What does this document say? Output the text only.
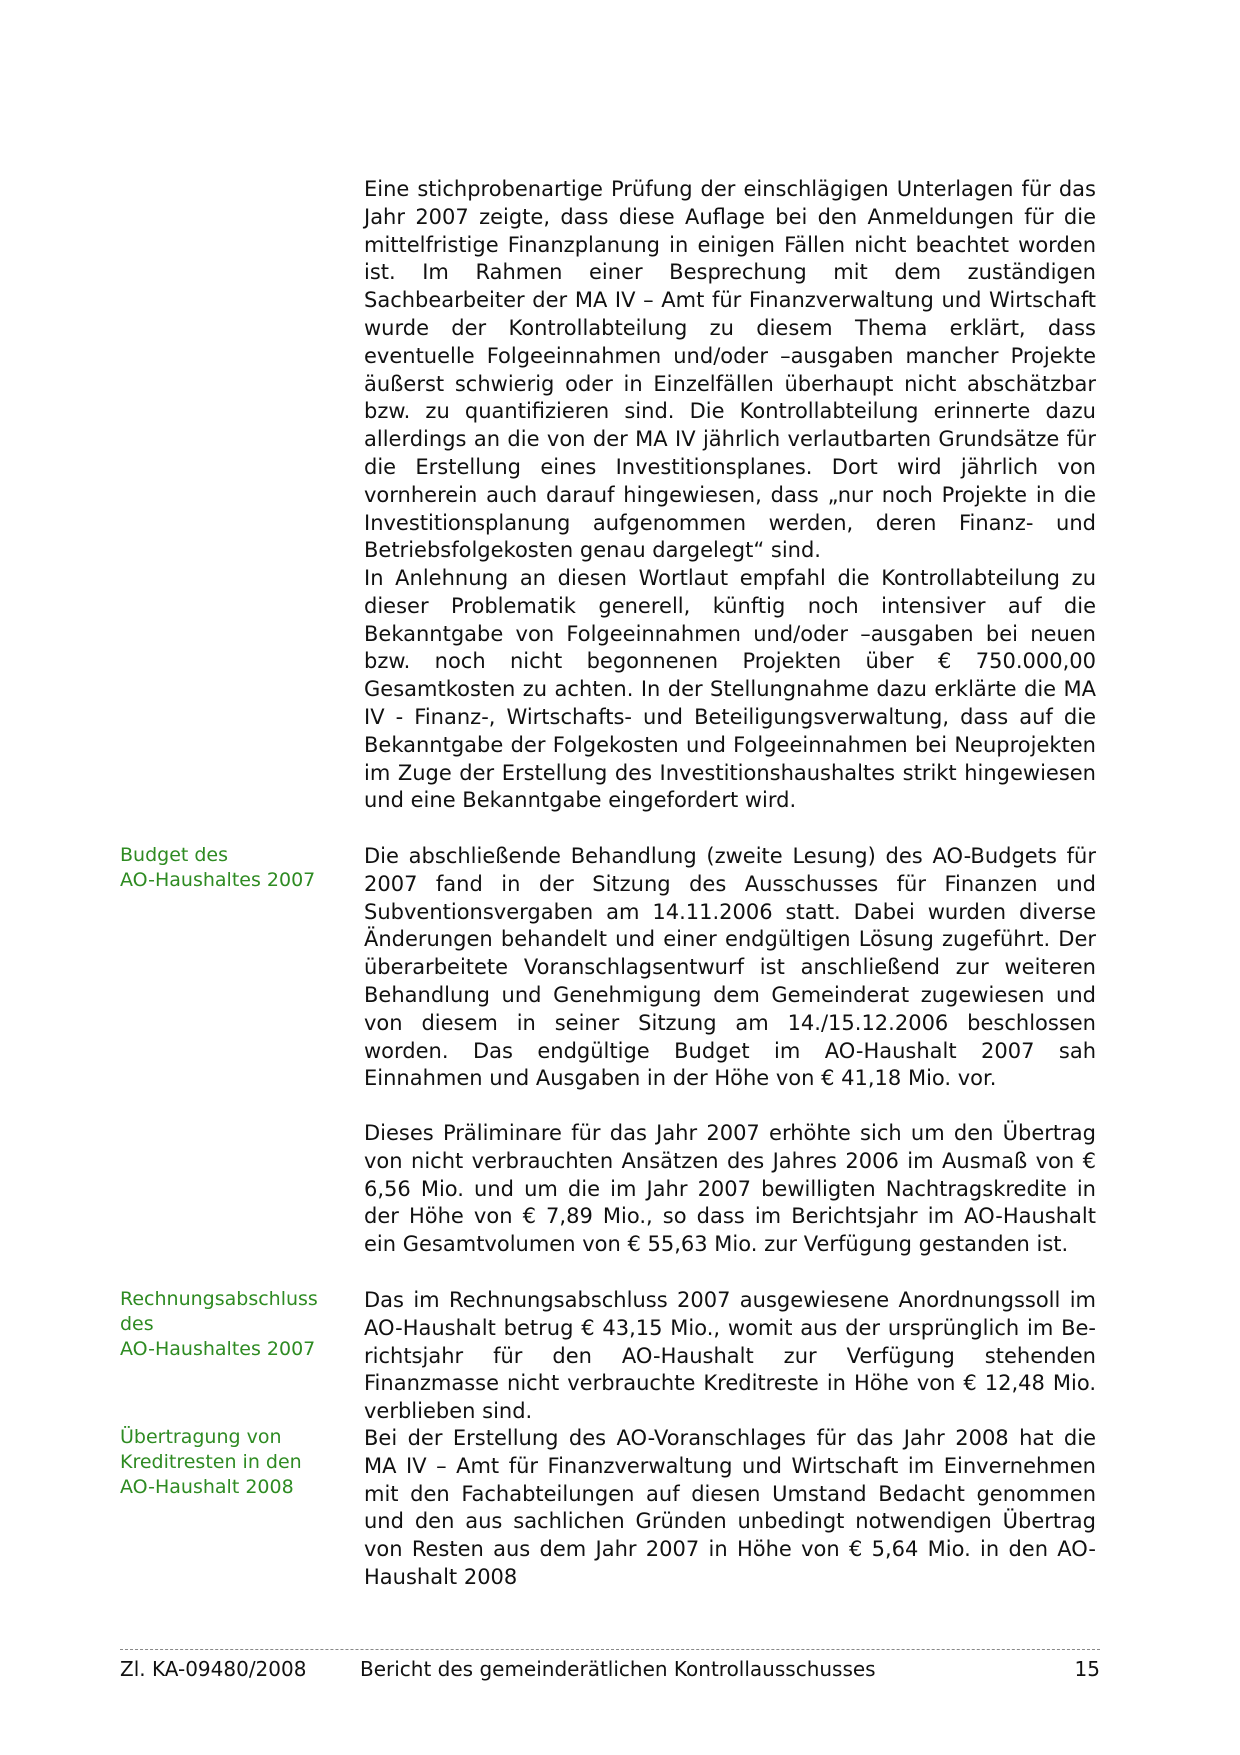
Eine stichprobenartige Prüfung der einschlägigen Unterlagen für das Jahr 2007 zeigte, dass diese Auflage bei den Anmeldungen für die mittelfristige Finanzplanung in einigen Fällen nicht beachtet worden ist. Im Rahmen einer Besprechung mit dem zuständigen Sachbearbeiter der MA IV – Amt für Finanzverwaltung und Wirtschaft wurde der Kontrollabteilung zu diesem Thema erklärt, dass eventuelle Folgeeinnahmen und/oder –ausgaben mancher Projekte äußerst schwierig oder in Einzelfällen überhaupt nicht abschätzbar bzw. zu quantifizieren sind. Die Kontrollabteilung erinnerte dazu allerdings an die von der MA IV jährlich verlautbarten Grundsätze für die Erstellung eines Investitionsplanes. Dort wird jährlich von vornherein auch darauf hingewiesen, dass „nur noch Projekte in die Investitionsplanung aufgenommen werden, deren Finanz- und Betriebsfolgekosten genau dargelegt“ sind.

In Anlehnung an diesen Wortlaut empfahl die Kontrollabteilung zu dieser Problematik generell, künftig noch intensiver auf die Bekanntgabe von Folgeeinnahmen und/oder –ausgaben bei neuen bzw. noch nicht begonnenen Projekten über € 750.000,00 Gesamtkosten zu achten. In der Stellungnahme dazu erklärte die MA IV - Finanz-, Wirtschafts- und Beteiligungsverwaltung, dass auf die Bekanntgabe der Folgekosten und Folgeeinnahmen bei Neuprojekten im Zuge der Erstellung des Investitionshaushaltes strikt hingewiesen und eine Bekanntgabe eingefordert wird.

Budget des
AO-Haushaltes 2007

Die abschließende Behandlung (zweite Lesung) des AO-Budgets für 2007 fand in der Sitzung des Ausschusses für Finanzen und Subventionsvergaben am 14.11.2006 statt. Dabei wurden diverse Änderungen behandelt und einer endgültigen Lösung zugeführt. Der überarbeitete Voranschlagsentwurf ist anschließend zur weiteren Behandlung und Genehmigung dem Gemeinderat zugewiesen und von diesem in seiner Sitzung am 14./15.12.2006 beschlossen worden. Das endgültige Budget im AO-Haushalt 2007 sah Einnahmen und Ausgaben in der Höhe von € 41,18 Mio. vor.

Dieses Präliminare für das Jahr 2007 erhöhte sich um den Übertrag von nicht verbrauchten Ansätzen des Jahres 2006 im Ausmaß von € 6,56 Mio. und um die im Jahr 2007 bewilligten Nachtragskredite in der Höhe von € 7,89 Mio., so dass im Berichtsjahr im AO-Haushalt ein Gesamtvolumen von € 55,63 Mio. zur Verfügung gestanden ist.

Rechnungsabschluss des
AO-Haushaltes 2007

Das im Rechnungsabschluss 2007 ausgewiesene Anordnungssoll im AO-Haushalt betrug € 43,15 Mio., womit aus der ursprünglich im Berichtsjahr für den AO-Haushalt zur Verfügung stehenden Finanzmasse nicht verbrauchte Kreditreste in Höhe von € 12,48 Mio. verblieben sind.

Übertragung von
Kreditresten in den
AO-Haushalt 2008

Bei der Erstellung des AO-Voranschlages für das Jahr 2008 hat die MA IV – Amt für Finanzverwaltung und Wirtschaft im Einvernehmen mit den Fachabteilungen auf diesen Umstand Bedacht genommen und den aus sachlichen Gründen unbedingt notwendigen Übertrag von Resten aus dem Jahr 2007 in Höhe von € 5,64 Mio. in den AO-Haushalt 2008

Zl. KA-09480/2008	Bericht des gemeinderätlichen Kontrollausschusses	15
